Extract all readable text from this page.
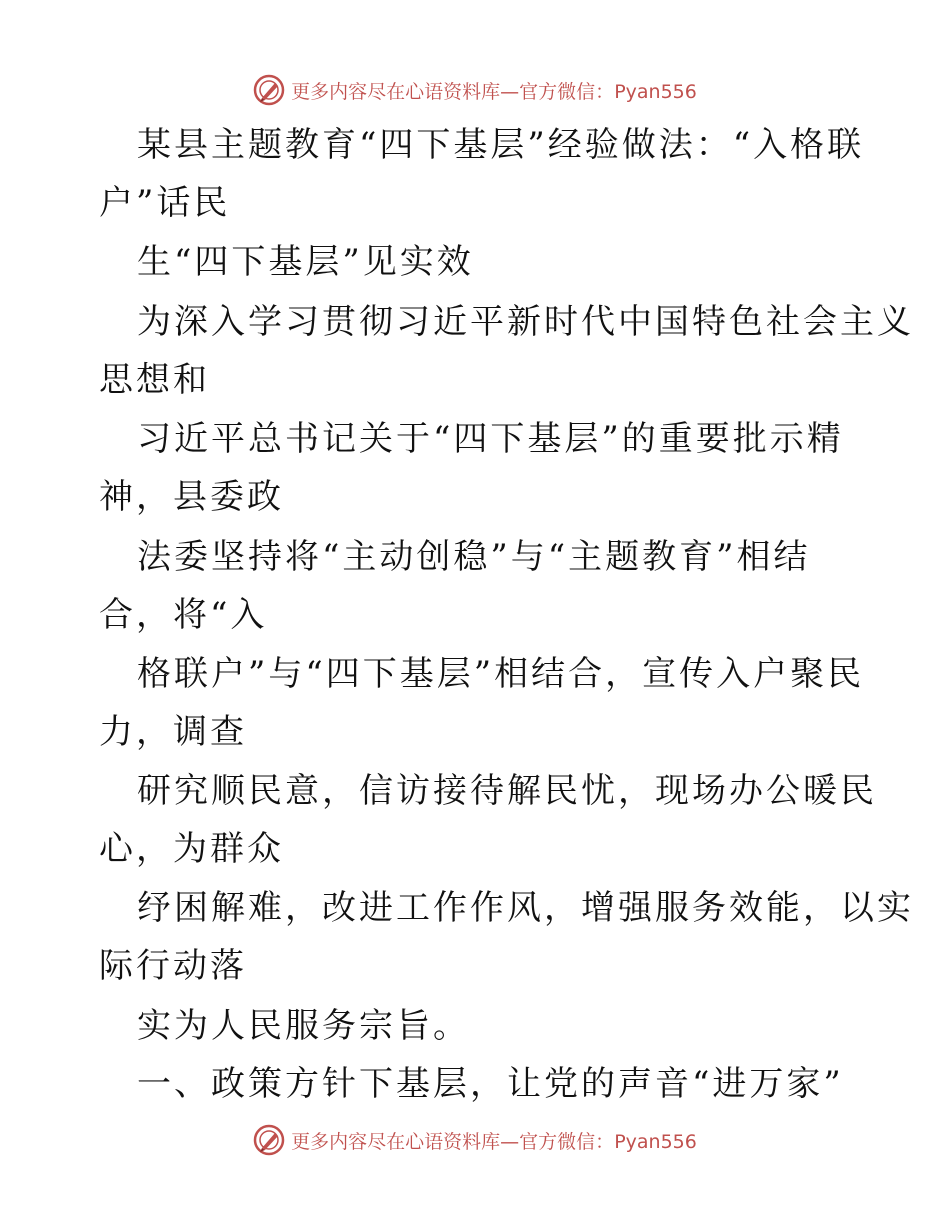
更多内容尽在心语资料库—官方微信：Pyan556
某县主题教育“四下基层”经验做法：“入格联
户”话民
生“四下基层”见实效
为深入学习贯彻习近平新时代中国特色社会主义
思想和
习近平总书记关于“四下基层”的重要批示精
神，县委政
法委坚持将“主动创稳”与“主题教育”相结
合，将“入
格联户”与“四下基层”相结合，宣传入户聚民
力，调查
研究顺民意，信访接待解民忧，现场办公暖民
心，为群众
纾困解难，改进工作作风，增强服务效能，以实
际行动落
实为人民服务宗旨。
一、政策方针下基层，让党的声音“进万家”
更多内容尽在心语资料库—官方微信：Pyan556
